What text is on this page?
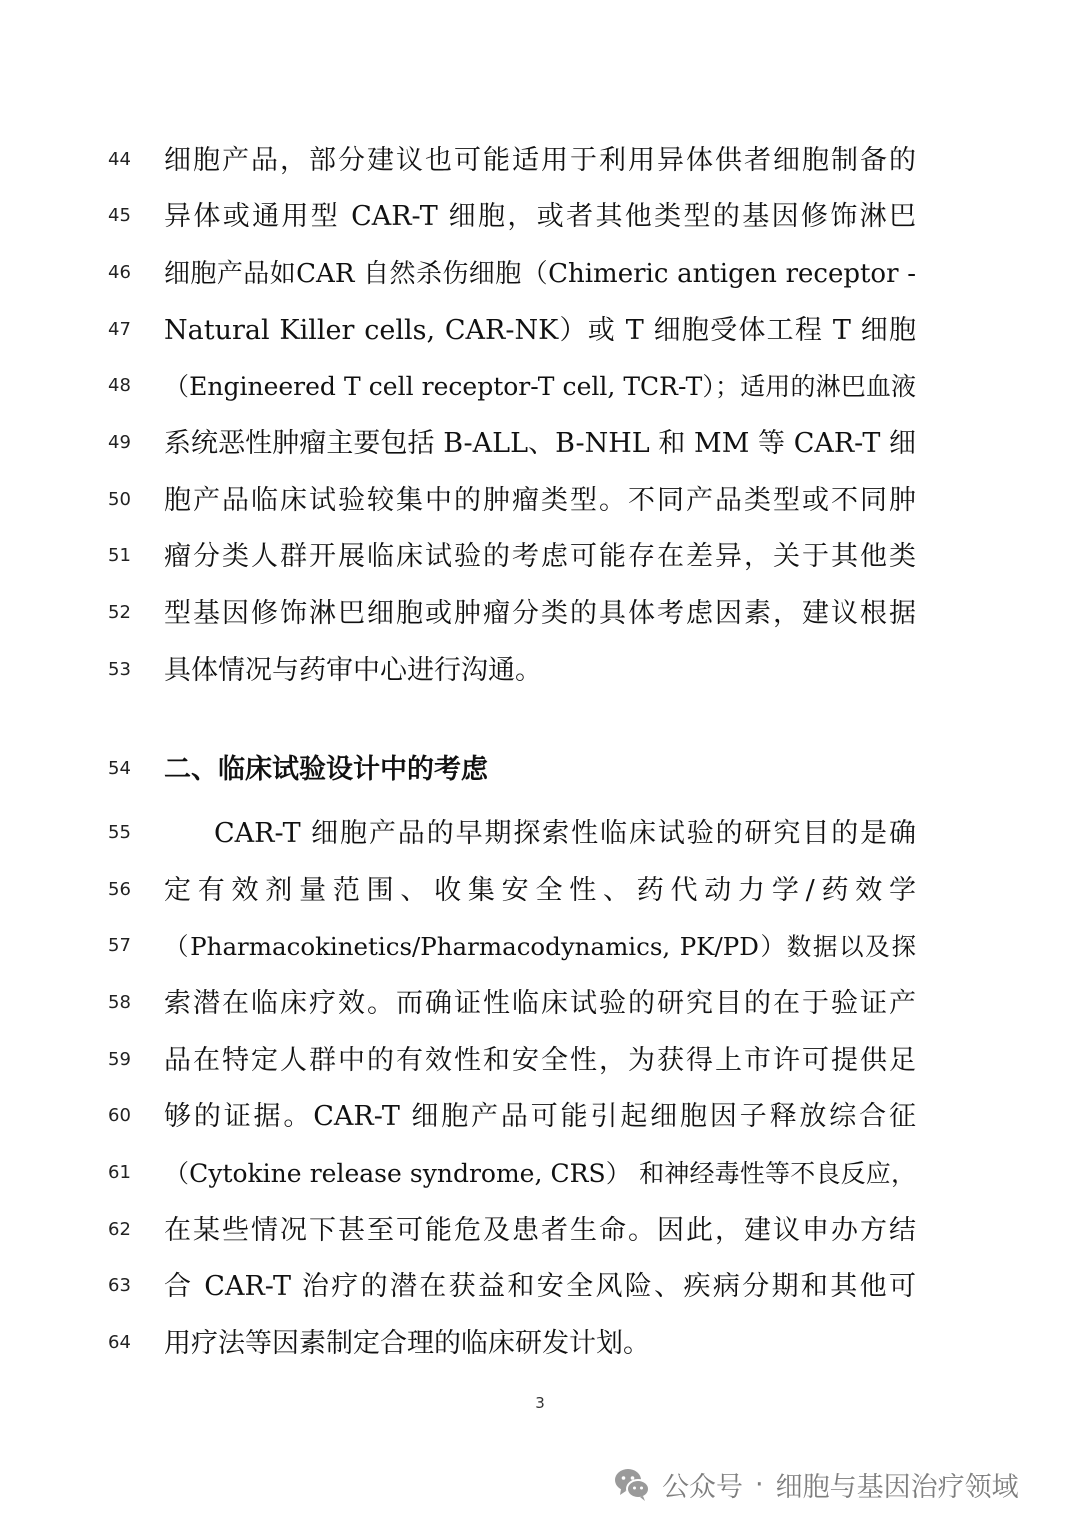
44	细胞产品，部分建议也可能适用于利用异体供者细胞制备的
45	异体或通用型 CAR-T 细胞，或者其他类型的基因修饰淋巴
46	细胞产品如CAR 自然杀伤细胞（Chimeric antigen receptor -
47	Natural Killer cells, CAR-NK）或 T 细胞受体工程 T 细胞
48	（Engineered T cell receptor-T cell, TCR-T）；适用的淋巴血液
49	系统恶性肿瘤主要包括 B-ALL、B-NHL 和 MM 等 CAR-T 细
50	胞产品临床试验较集中的肿瘤类型。不同产品类型或不同肿
51	瘤分类人群开展临床试验的考虑可能存在差异，关于其他类
52	型基因修饰淋巴细胞或肿瘤分类的具体考虑因素，建议根据
53	具体情况与药审中心进行沟通。
54	二、临床试验设计中的考虑
55	CAR-T 细胞产品的早期探索性临床试验的研究目的是确
56	定有效剂量范围、收集安全性、药代动力学/药效学
57	（Pharmacokinetics/Pharmacodynamics, PK/PD）数据以及探
58	索潜在临床疗效。而确证性临床试验的研究目的在于验证产
59	品在特定人群中的有效性和安全性，为获得上市许可提供足
60	够的证据。CAR-T 细胞产品可能引起细胞因子释放综合征
61	（Cytokine release syndrome, CRS） 和神经毒性等不良反应，
62	在某些情况下甚至可能危及患者生命。因此，建议申办方结
63	合 CAR-T 治疗的潜在获益和安全风险、疾病分期和其他可
64	用疗法等因素制定合理的临床研发计划。
3
公众号 · 细胞与基因治疗领域
